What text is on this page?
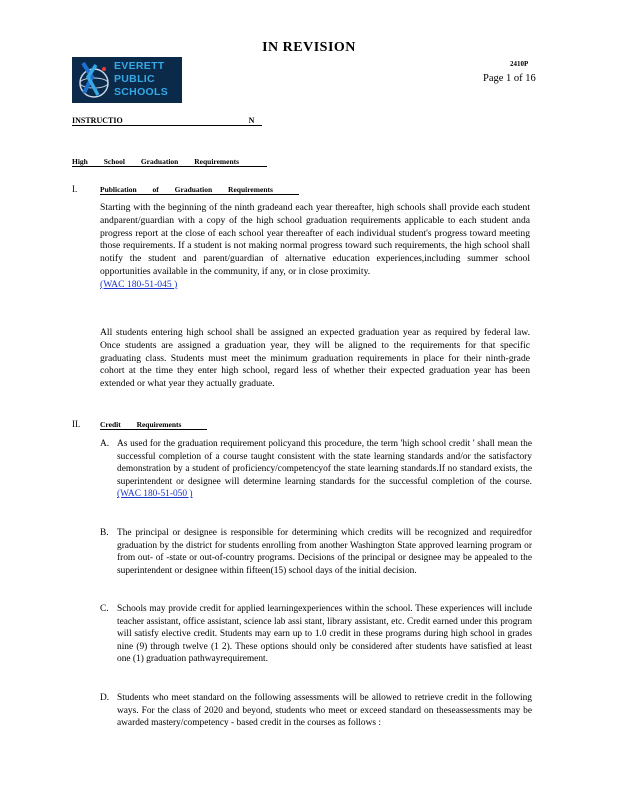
IN REVISION
EVERETT
PUBLIC
SCHOOLS
2410P
Page 1 of 16
INSTRUCTIO         N
High School Graduation Requirements
I.	Publication of Graduation Requirements

Starting with the beginning of the ninth gradeand each year thereafter, high schools shall provide each student andparent/guardian with a copy of the high school graduation requirements applicable to each student anda progress report at the close of each school year thereafter of each individual student's progress toward meeting those requirements. If a student is not making normal progress toward such requirements, the high school shall notify the student and parent/guardian of alternative education experiences,including summer school opportunities available in the community, if any, or in close proximity.
(WAC 180-51-045 )

All students entering high school shall be assigned an expected graduation year as required by federal law. Once students are assigned a graduation year, they will be aligned to the requirements for that specific graduating class. Students must meet the minimum graduation requirements in place for their ninth-grade cohort at the time they enter high school, regard less of whether their expected graduation year has been extended or what year they actually graduate.

II.	Credit Requirements
A. As used for the graduation requirement policyand this procedure, the term 'high school credit ' shall mean the successful completion of a course taught consistent with the state learning standards and/or the satisfactory demonstration by a student of proficiency/competencyof the state learning standards.If no standard exists, the superintendent or designee will determine learning standards for the successful completion of the course. (WAC 180-51-050 )
B. The principal or designee is responsible for determining which credits will be recognized and requiredfor graduation by the district for students enrolling from another Washington State approved learning program or from out- of -state or out-of-country programs. Decisions of the principal or designee may be appealed to the superintendent or designee within fifteen(15) school days of the initial decision.
C. Schools may provide credit for applied learningexperiences within the school. These experiences will include teacher assistant, office assistant, science lab assi stant, library assistant, etc. Credit earned under this program will satisfy elective credit. Students may earn up to 1.0 credit in these programs during high school in grades nine (9) through twelve (1 2). These options should only be considered after students have satisfied at least one (1) graduation pathwayrequirement.
D. Students who meet standard on the following assessments will be allowed to retrieve credit in the following ways. For the class of 2020 and beyond, students who meet or exceed standard on theseassessments may be awarded mastery/competency - based credit in the courses as follows :
